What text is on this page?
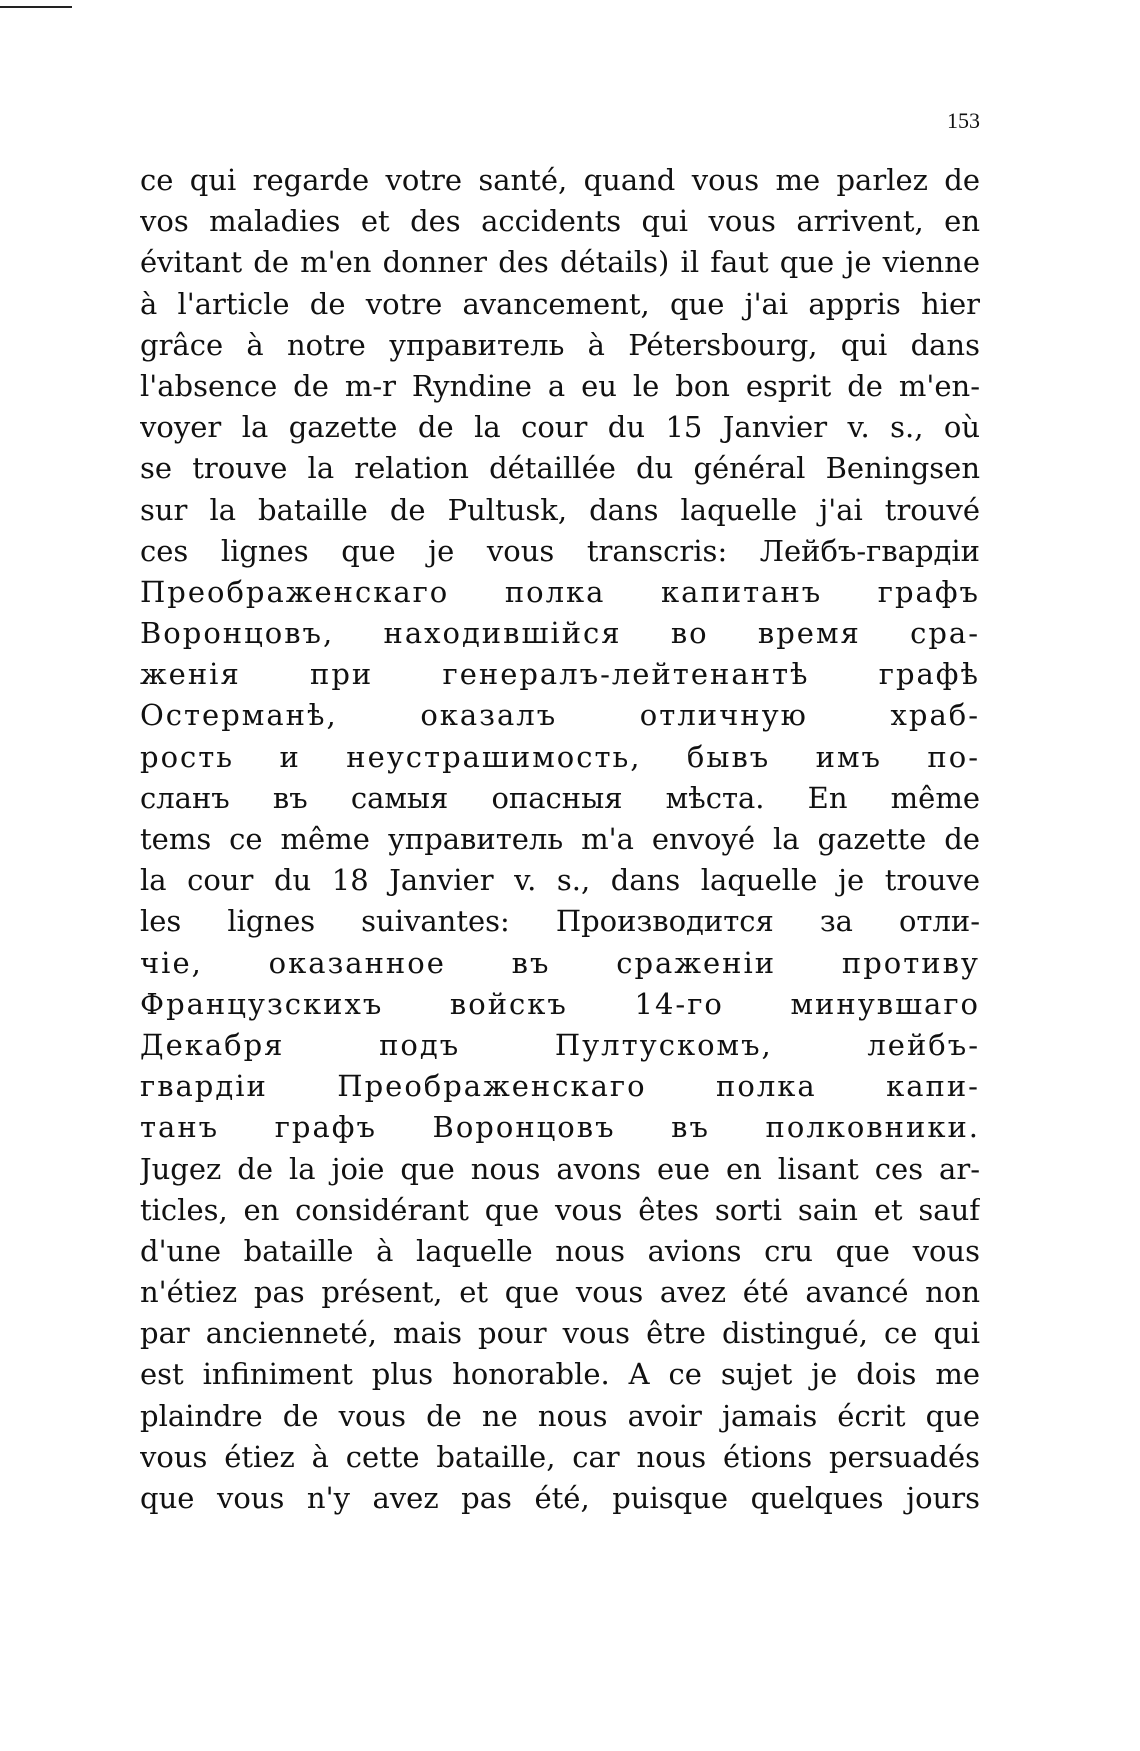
153
ce qui regarde votre santé, quand vous me parlez de
vos maladies et des accidents qui vous arrivent, en
évitant de m'en donner des détails) il faut que je vienne
à l'article de votre avancement, que j'ai appris hier
grâce à notre управитель à Pétersbourg, qui dans
l'absence de m-r Ryndine a eu le bon esprit de m'en-
voyer la gazette de la cour du 15 Janvier v. s., où
se trouve la relation détaillée du général Beningsen
sur la bataille de Pultusk, dans laquelle j'ai trouvé
ces lignes que je vous transcris: Лейбъ-гвардіи
Преображенскаго полка капитанъ графъ
Воронцовъ, находившійся во время сра-
женія при генералъ-лейтенантѣ графѣ
Остерманѣ, оказалъ отличную храб-
рость и неустрашимость, бывъ имъ по-
сланъ въ самыя опасныя мѣста. En même
tems ce même управитель m'a envoyé la gazette de
la cour du 18 Janvier v. s., dans laquelle je trouve
les lignes suivantes: Производится за отли-
чіе, оказанное въ сраженіи противу
Французскихъ войскъ 14-го минувшаго
Декабря подъ Пултускомъ, лейбъ-
гвардіи Преображенскаго полка капи-
танъ графъ Воронцовъ въ полковники.
Jugez de la joie que nous avons eue en lisant ces ar-
ticles, en considérant que vous êtes sorti sain et sauf
d'une bataille à laquelle nous avions cru que vous
n'étiez pas présent, et que vous avez été avancé non
par ancienneté, mais pour vous être distingué, ce qui
est infiniment plus honorable. A ce sujet je dois me
plaindre de vous de ne nous avoir jamais écrit que
vous étiez à cette bataille, car nous étions persuadés
que vous n'y avez pas été, puisque quelques jours
